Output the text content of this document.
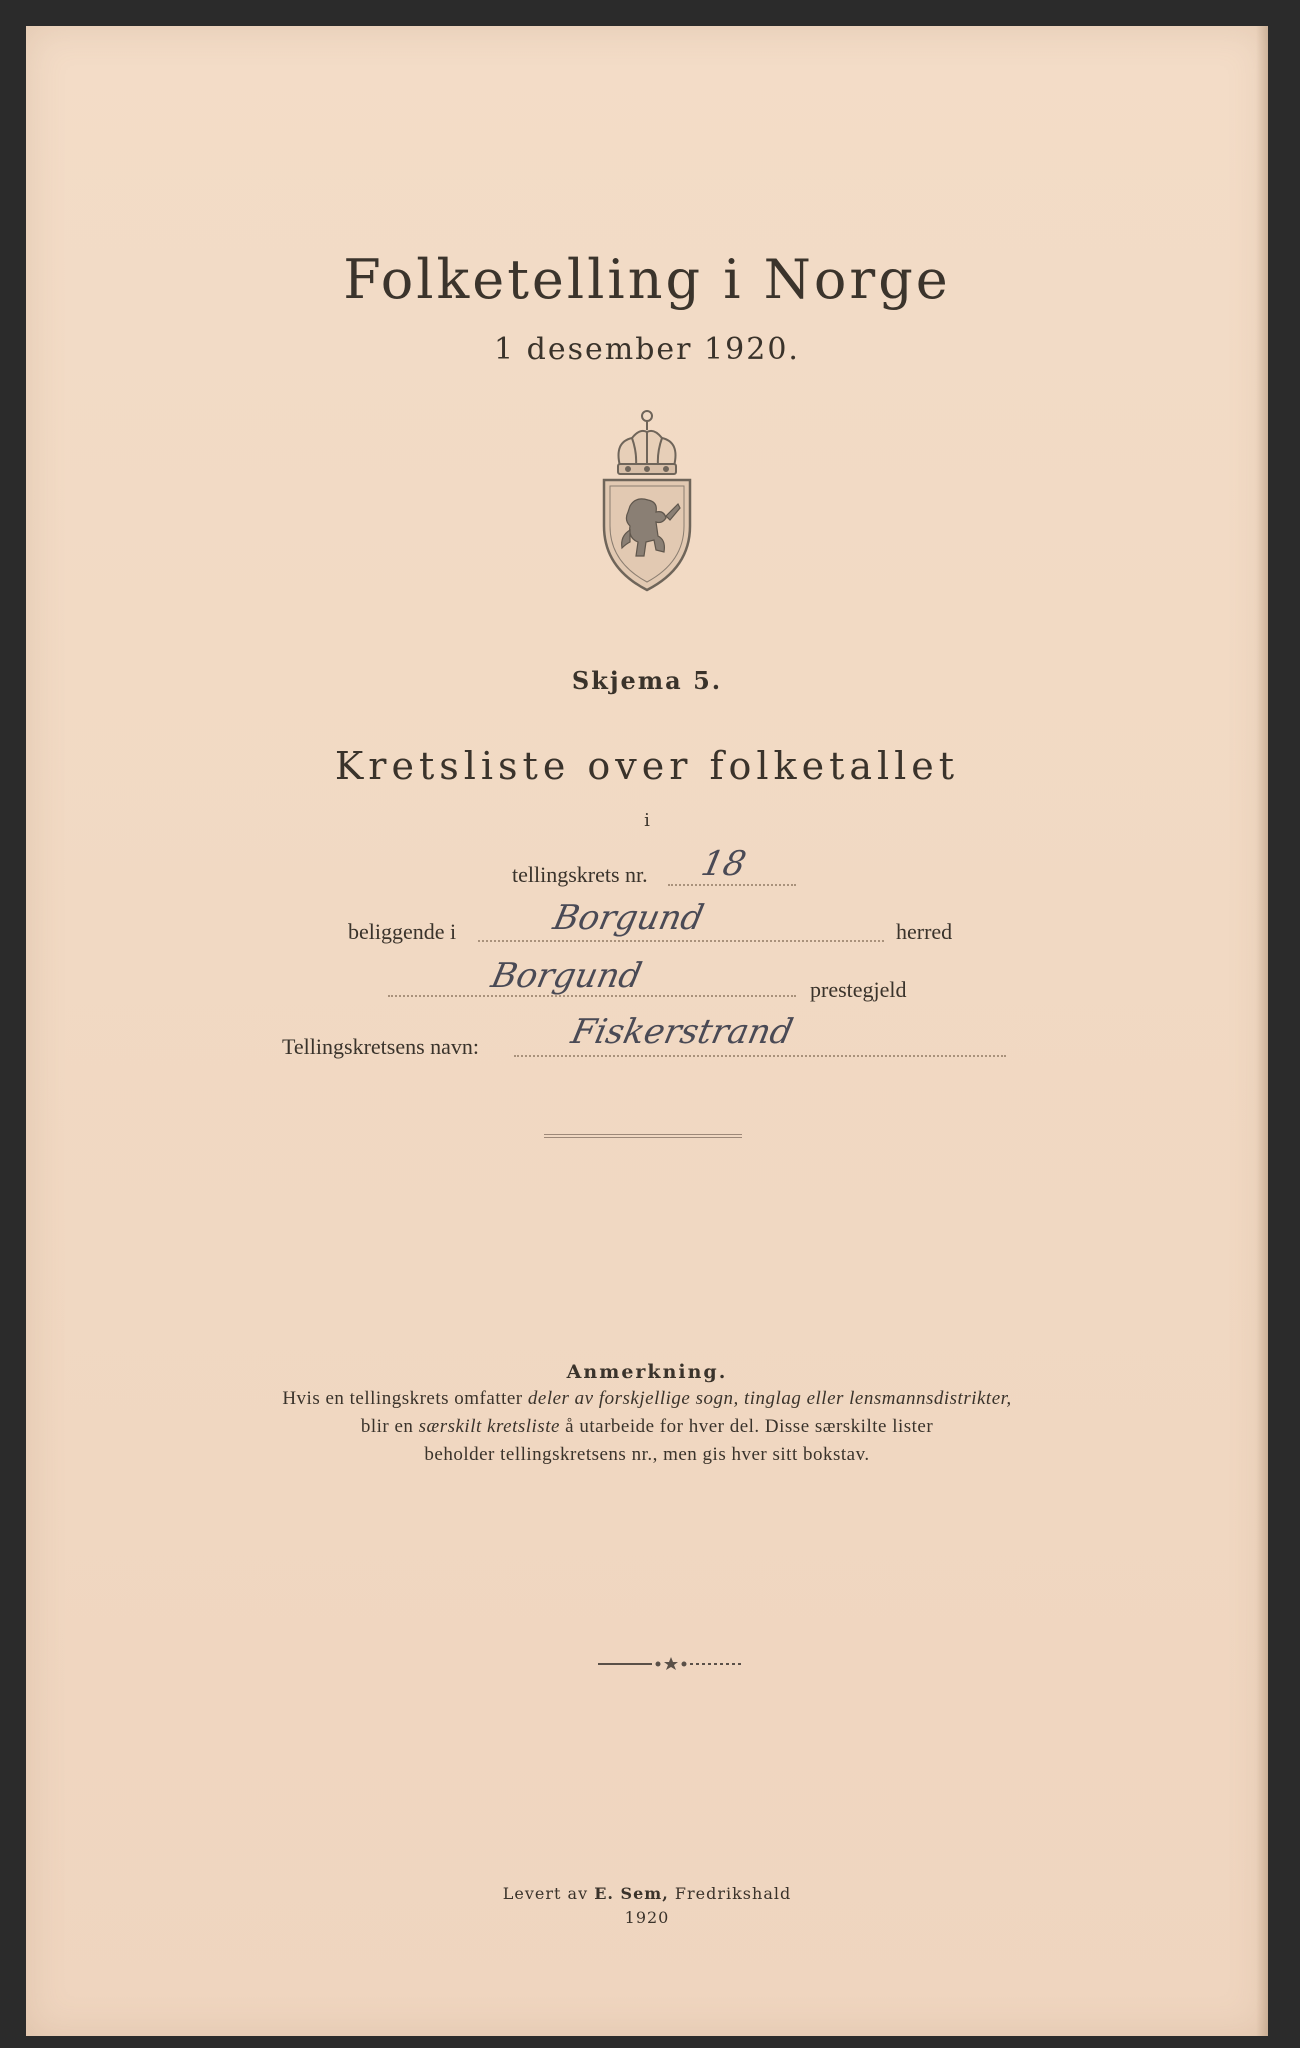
Folketelling i Norge
1 desember 1920.
Skjema 5.
Kretsliste over folketallet
i
tellingskrets nr. 18
beliggende i	Borgund	herred
Borgund	prestegjeld
Tellingskretsens navn:	Fiskerstrand
Anmerkning.
Hvis en tellingskrets omfatter deler av forskjellige sogn, tinglag eller lensmannsdistrikter,
blir en særskilt kretsliste å utarbeide for hver del. Disse særskilte lister
beholder tellingskretsens nr., men gis hver sitt bokstav.
Levert av E. Sem, Fredrikshald
1920
